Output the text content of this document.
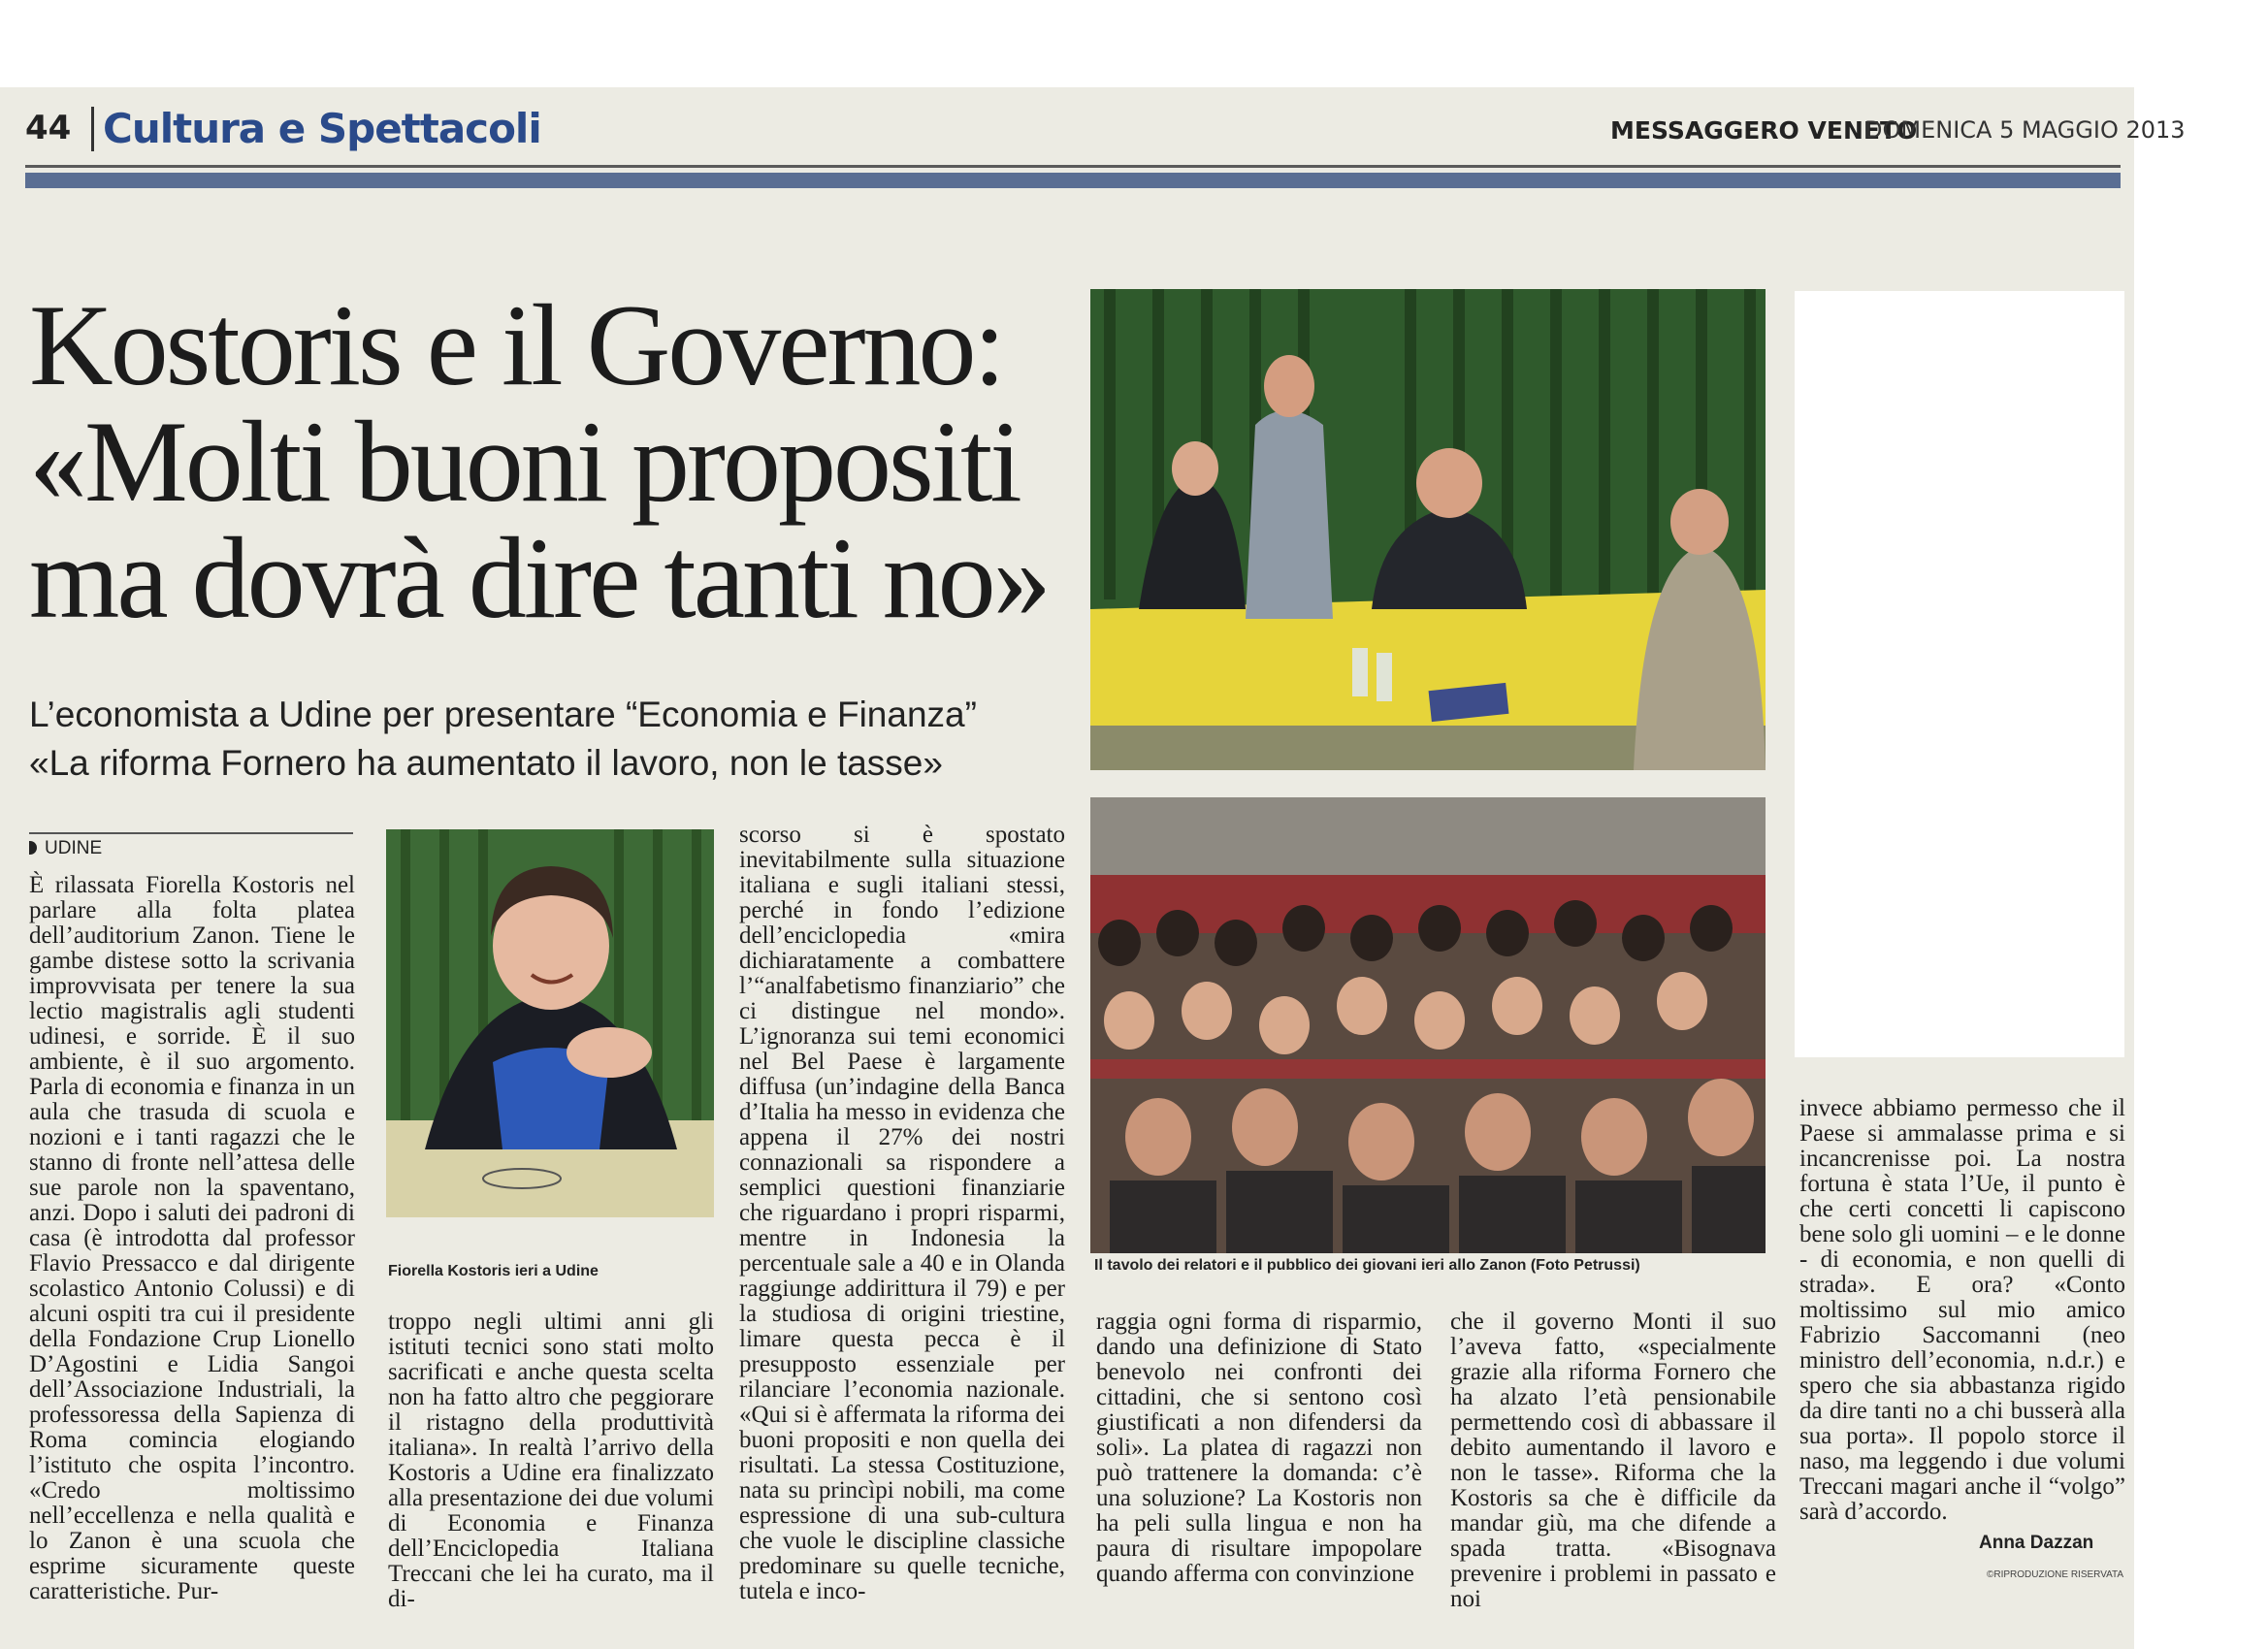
44 Cultura e Spettacoli	MESSAGGERO VENETO
DOMENICA 5 MAGGIO 2013
Kostoris e il Governo:
«Molti buoni propositi
ma dovrà dire tanti no»
L’economista a Udine per presentare “Economia e Finanza”
«La riforma Fornero ha aumentato il lavoro, non le tasse»
UDINE

È rilassata Fiorella Kostoris nel parlare alla folta platea dell’auditorium Zanon. Tiene le gambe distese sotto la scrivania improvvisata per tenere la sua lectio magistralis agli studenti udinesi, e sorride. È il suo ambiente, è il suo argomento. Parla di economia e finanza in un aula che trasuda di scuola e nozioni e i tanti ragazzi che le stanno di fronte nell’attesa delle sue parole non la spaventano, anzi. Dopo i saluti dei padroni di casa (è introdotta dal professor Flavio Pressacco e dal dirigente scolastico Antonio Colussi) e di alcuni ospiti tra cui il presidente della Fondazione Crup Lionello D’Agostini e Lidia Sangoi dell’Associazione Industriali, la professoressa della Sapienza di Roma comincia elogiando l’istituto che ospita l’incontro. «Credo moltissimo nell’eccellenza e nella qualità e lo Zanon è una scuola che esprime sicuramente queste caratteristiche. Pur-

troppo negli ultimi anni gli istituti tecnici sono stati molto sacrificati e anche questa scelta non ha fatto altro che peggiorare il ristagno della produttività italiana». In realtà l’arrivo della Kostoris a Udine era finalizzato alla presentazione dei due volumi di Economia e Finanza dell’Enciclopedia Italiana Treccani che lei ha curato, ma il di-

scorso si è spostato inevitabilmente sulla situazione italiana e sugli italiani stessi, perché in fondo l’edizione dell’enciclopedia «mira dichiaratamente a combattere l’“analfabetismo finanziario” che ci distingue nel mondo». L’ignoranza sui temi economici nel Bel Paese è largamente diffusa (un’indagine della Banca d’Italia ha messo in evidenza che appena il 27% dei nostri connazionali sa rispondere a semplici questioni finanziarie che riguardano i propri risparmi, mentre in Indonesia la percentuale sale a 40 e in Olanda raggiunge addirittura il 79) e per la studiosa di origini triestine, limare questa pecca è il presupposto essenziale per rilanciare l’economia nazionale. «Qui si è affermata la riforma dei buoni propositi e non quella dei risultati. La stessa Costituzione, nata su princìpi nobili, ma come espressione di una sub-cultura che vuole le discipline classiche predominare su quelle tecniche, tutela e inco-

raggia ogni forma di risparmio, dando una definizione di Stato benevolo nei confronti dei cittadini, che si sentono così giustificati a non difendersi da soli». La platea di ragazzi non può trattenere la domanda: c’è una soluzione? La Kostoris non ha peli sulla lingua e non ha paura di risultare impopolare quando afferma con convinzione

che il governo Monti il suo l’aveva fatto, «specialmente grazie alla riforma Fornero che ha alzato l’età pensionabile permettendo così di abbassare il debito aumentando il lavoro e non le tasse». Riforma che la Kostoris sa che è difficile da mandar giù, ma che difende a spada tratta. «Bisognava prevenire i problemi in passato e noi

invece abbiamo permesso che il Paese si ammalasse prima e si incancrenisse poi. La nostra fortuna è stata l’Ue, il punto è che certi concetti li capiscono bene solo gli uomini – e le donne - di economia, e non quelli di strada». E ora? «Conto moltissimo sul mio amico Fabrizio Saccomanni (neo ministro dell’economia, n.d.r.) e spero che sia abbastanza rigido da dire tanti no a chi busserà alla sua porta». Il popolo storce il naso, ma leggendo i due volumi Treccani magari anche il “volgo” sarà d’accordo.

Anna Dazzan
©RIPRODUZIONE RISERVATA
Fiorella Kostoris ieri a Udine	Il tavolo dei relatori e il pubblico dei giovani ieri allo Zanon (Foto Petrussi)
